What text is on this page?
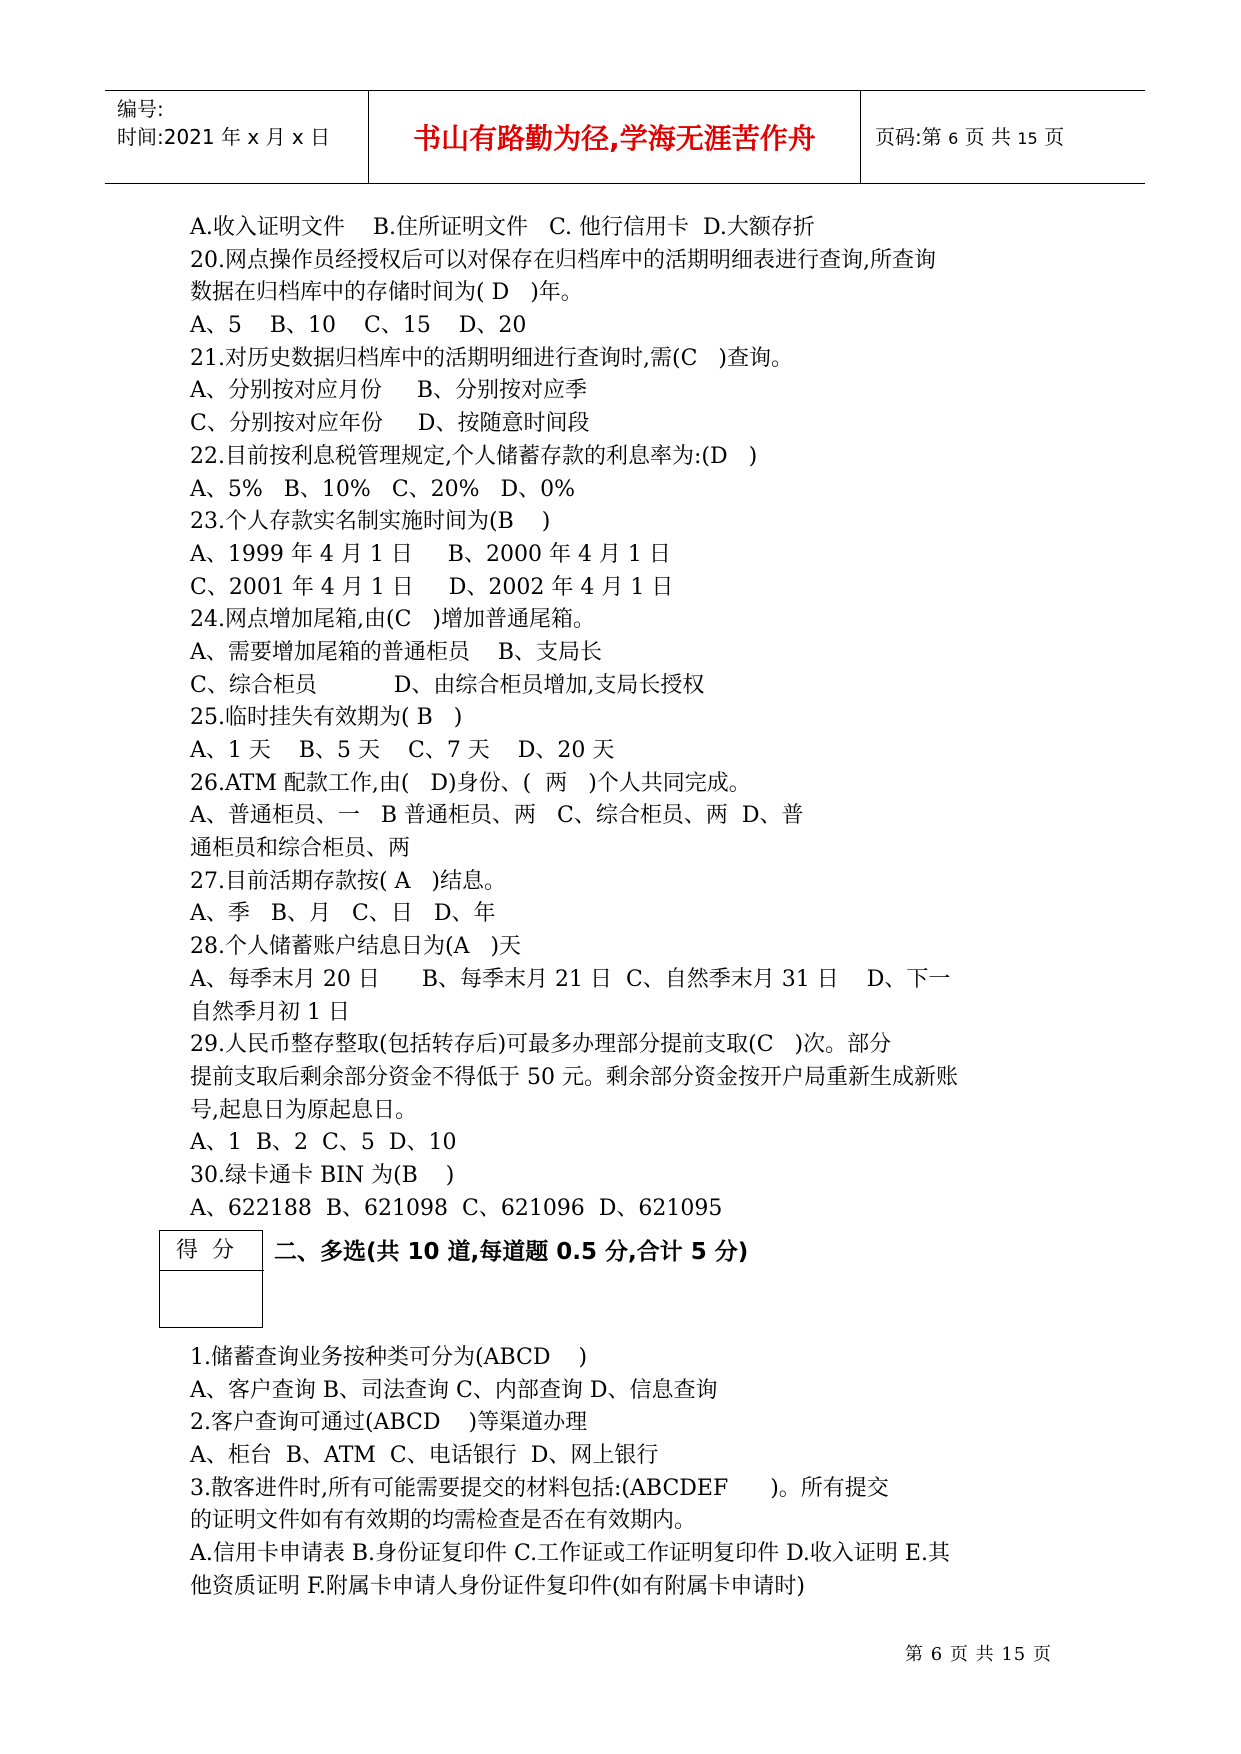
编号:
时间:2021 年 x 月 x 日	书山有路勤为径,学海无涯苦作舟	页码:第 6 页 共 15 页
A.收入证明文件    B.住所证明文件   C. 他行信用卡  D.大额存折
20.网点操作员经授权后可以对保存在归档库中的活期明细表进行查询,所查询
数据在归档库中的存储时间为( D   )年。
A、5    B、10    C、15    D、20
21.对历史数据归档库中的活期明细进行查询时,需(C   )查询。
A、分别按对应月份     B、分别按对应季
C、分别按对应年份     D、按随意时间段
22.目前按利息税管理规定,个人储蓄存款的利息率为:(D   )
A、5%   B、10%   C、20%   D、0%
23.个人存款实名制实施时间为(B    )
A、1999 年 4 月 1 日     B、2000 年 4 月 1 日
C、2001 年 4 月 1 日     D、2002 年 4 月 1 日
24.网点增加尾箱,由(C   )增加普通尾箱。
A、需要增加尾箱的普通柜员    B、支局长
C、综合柜员           D、由综合柜员增加,支局长授权
25.临时挂失有效期为( B   )
A、1 天    B、5 天    C、7 天    D、20 天
26.ATM 配款工作,由(   D)身份、(  两   )个人共同完成。
A、普通柜员、一   B 普通柜员、两   C、综合柜员、两  D、普
通柜员和综合柜员、两
27.目前活期存款按( A   )结息。
A、季   B、月   C、日   D、年
28.个人储蓄账户结息日为(A   )天
A、每季末月 20 日      B、每季末月 21 日  C、自然季末月 31 日    D、下一
自然季月初 1 日
29.人民币整存整取(包括转存后)可最多办理部分提前支取(C   )次。部分
提前支取后剩余部分资金不得低于 50 元。剩余部分资金按开户局重新生成新账
号,起息日为原起息日。
A、1  B、2  C、5  D、10
30.绿卡通卡 BIN 为(B    )
A、622188  B、621098  C、621096  D、621095
得分	二、多选(共 10 道,每道题 0.5 分,合计 5 分)
1.储蓄查询业务按种类可分为(ABCD    )
A、客户查询 B、司法查询 C、内部查询 D、信息查询
2.客户查询可通过(ABCD    )等渠道办理
A、柜台  B、ATM  C、电话银行  D、网上银行
3.散客进件时,所有可能需要提交的材料包括:(ABCDEF      )。所有提交
的证明文件如有有效期的均需检查是否在有效期内。
A.信用卡申请表 B.身份证复印件 C.工作证或工作证明复印件 D.收入证明 E.其
他资质证明 F.附属卡申请人身份证件复印件(如有附属卡申请时)
第 6 页 共 15 页
